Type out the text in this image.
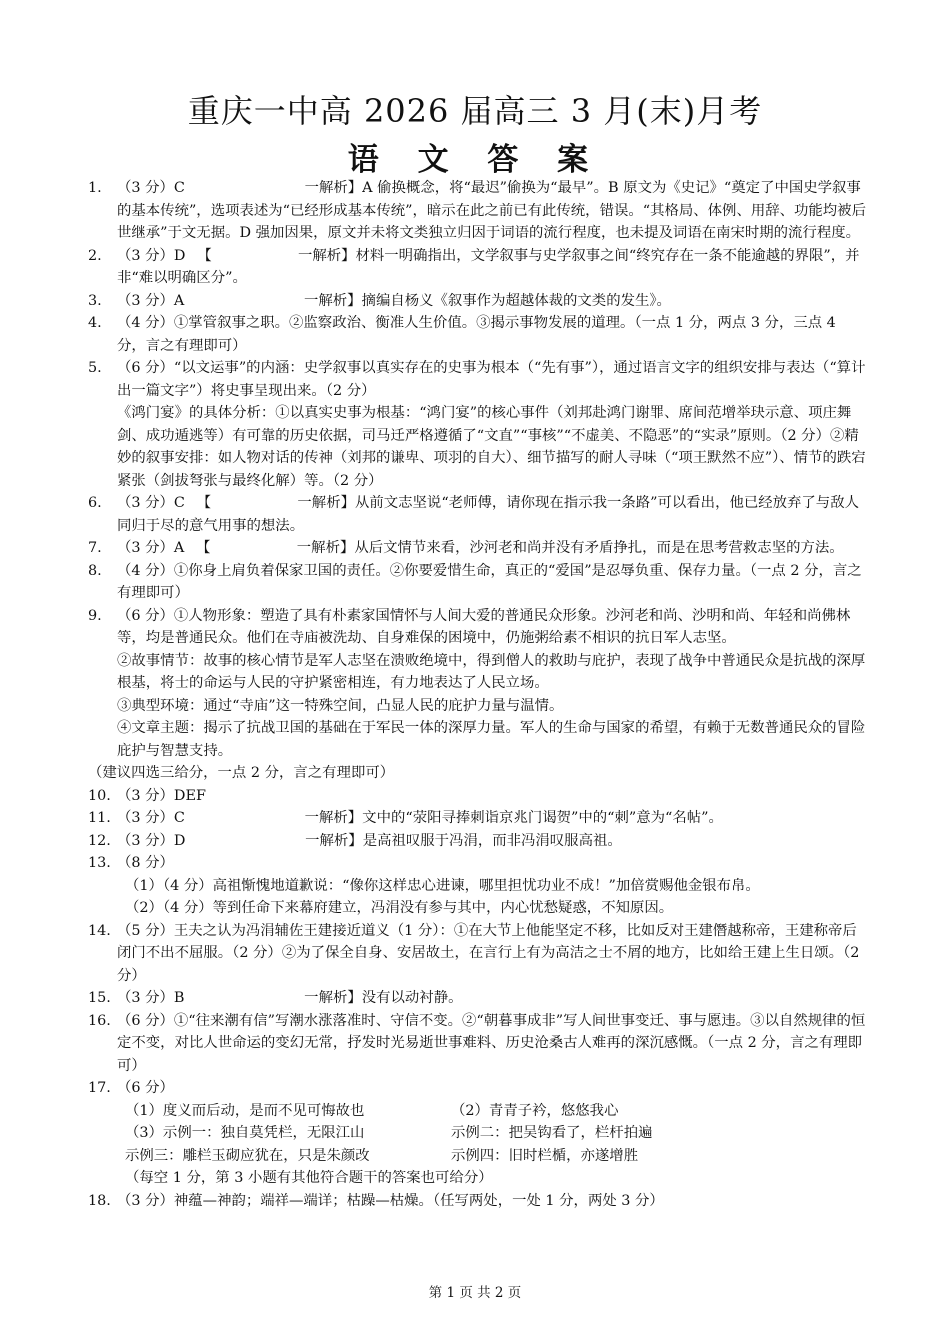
重庆一中高 2026 届高三 3 月(末)月考
语 文 答 案
1. （3 分）C 　　　　　　　　一解析】A 偷换概念，将“最迟”偷换为“最早”。B 原文为《史记》“奠定了中国史学叙事的基本传统”，选项表述为“已经形成基本传统”，暗示在此之前已有此传统，错误。“其格局、体例、用辞、功能均被后世继承”于文无据。D 强加因果，原文并未将文类独立归因于词语的流行程度，也未提及词语在南宋时期的流行程度。
2. （3 分）D 　【　　　　　　一解析】材料一明确指出，文学叙事与史学叙事之间“终究存在一条不能逾越的界限”，并非“难以明确区分”。
3. （3 分）A 　　　　　　　　一解析】摘编自杨义《叙事作为超越体裁的文类的发生》。
4. （4 分）①掌管叙事之职。②监察政治、衡准人生价值。③揭示事物发展的道理。（一点 1 分，两点 3 分，三点 4 分，言之有理即可）
5. （6 分）“以文运事”的内涵：史学叙事以真实存在的史事为根本（“先有事”），通过语言文字的组织安排与表达（“算计出一篇文字”）将史事呈现出来。（2 分）
《鸿门宴》的具体分析：①以真实史事为根基：“鸿门宴”的核心事件（刘邦赴鸿门谢罪、席间范增举玦示意、项庄舞剑、成功遁逃等）有可靠的历史依据，司马迁严格遵循了“文直”“事核”“不虚美、不隐恶”的“实录”原则。（2 分）②精妙的叙事安排：如人物对话的传神（刘邦的谦卑、项羽的自大）、细节描写的耐人寻味（“项王默然不应”）、情节的跌宕紧张（剑拔弩张与最终化解）等。（2 分）
6. （3 分）C 　【　　　　　　一解析】从前文志坚说“老师傅，请你现在指示我一条路”可以看出，他已经放弃了与敌人同归于尽的意气用事的想法。
7. （3 分）A 　【　　　　　　一解析】从后文情节来看，沙河老和尚并没有矛盾挣扎，而是在思考营救志坚的方法。
8. （4 分）①你身上肩负着保家卫国的责任。②你要爱惜生命，真正的“爱国”是忍辱负重、保存力量。（一点 2 分，言之有理即可）
9. （6 分）①人物形象：塑造了具有朴素家国情怀与人间大爱的普通民众形象。沙河老和尚、沙明和尚、年轻和尚佛林等，均是普通民众。他们在寺庙被洗劫、自身难保的困境中，仍施粥给素不相识的抗日军人志坚。
②故事情节：故事的核心情节是军人志坚在溃败绝境中，得到僧人的救助与庇护，表现了战争中普通民众是抗战的深厚根基，将士的命运与人民的守护紧密相连，有力地表达了人民立场。
③典型环境：通过“寺庙”这一特殊空间，凸显人民的庇护力量与温情。
④文章主题：揭示了抗战卫国的基础在于军民一体的深厚力量。军人的生命与国家的希望，有赖于无数普通民众的冒险庇护与智慧支持。
（建议四选三给分，一点 2 分，言之有理即可）
10. （3 分）DEF
11. （3 分）C 　　　　　　　　一解析】文中的“荥阳寻捧刺诣京兆门谒贺”中的“刺”意为“名帖”。
12. （3 分）D 　　　　　　　　一解析】是高祖叹服于冯涓，而非冯涓叹服高祖。
13. （8 分）
（1）（4 分）高祖惭愧地道歉说：“像你这样忠心进谏，哪里担忧功业不成！”加倍赏赐他金银布帛。
（2）（4 分）等到任命下来幕府建立，冯涓没有参与其中，内心忧愁疑惑，不知原因。
14. （5 分）王夫之认为冯涓辅佐王建接近道义（1 分）：①在大节上他能坚定不移，比如反对王建僭越称帝，王建称帝后闭门不出不屈服。（2 分）②为了保全自身、安居故土，在言行上有为高洁之士不屑的地方，比如给王建上生日颂。（2 分）
15. （3 分）B 　　　　　　　　一解析】没有以动衬静。
16. （6 分）①“往来潮有信”写潮水涨落准时、守信不变。②“朝暮事成非”写人间世事变迁、事与愿违。③以自然规律的恒定不变，对比人世命运的变幻无常，抒发时光易逝世事难料、历史沧桑古人难再的深沉感慨。（一点 2 分，言之有理即可）
17. （6 分）
（1）度义而后动，是而不见可悔故也	（2）青青子衿，悠悠我心
（3）示例一：独自莫凭栏，无限江山	示例二：把吴钩看了，栏杆拍遍
示例三：雕栏玉砌应犹在，只是朱颜改	示例四：旧时栏楯，亦遂增胜
（每空 1 分，第 3 小题有其他符合题干的答案也可给分）
18. （3 分）神蕴—神韵；端祥—端详；枯躁—枯燥。（任写两处，一处 1 分，两处 3 分）
第 1 页 共 2 页
